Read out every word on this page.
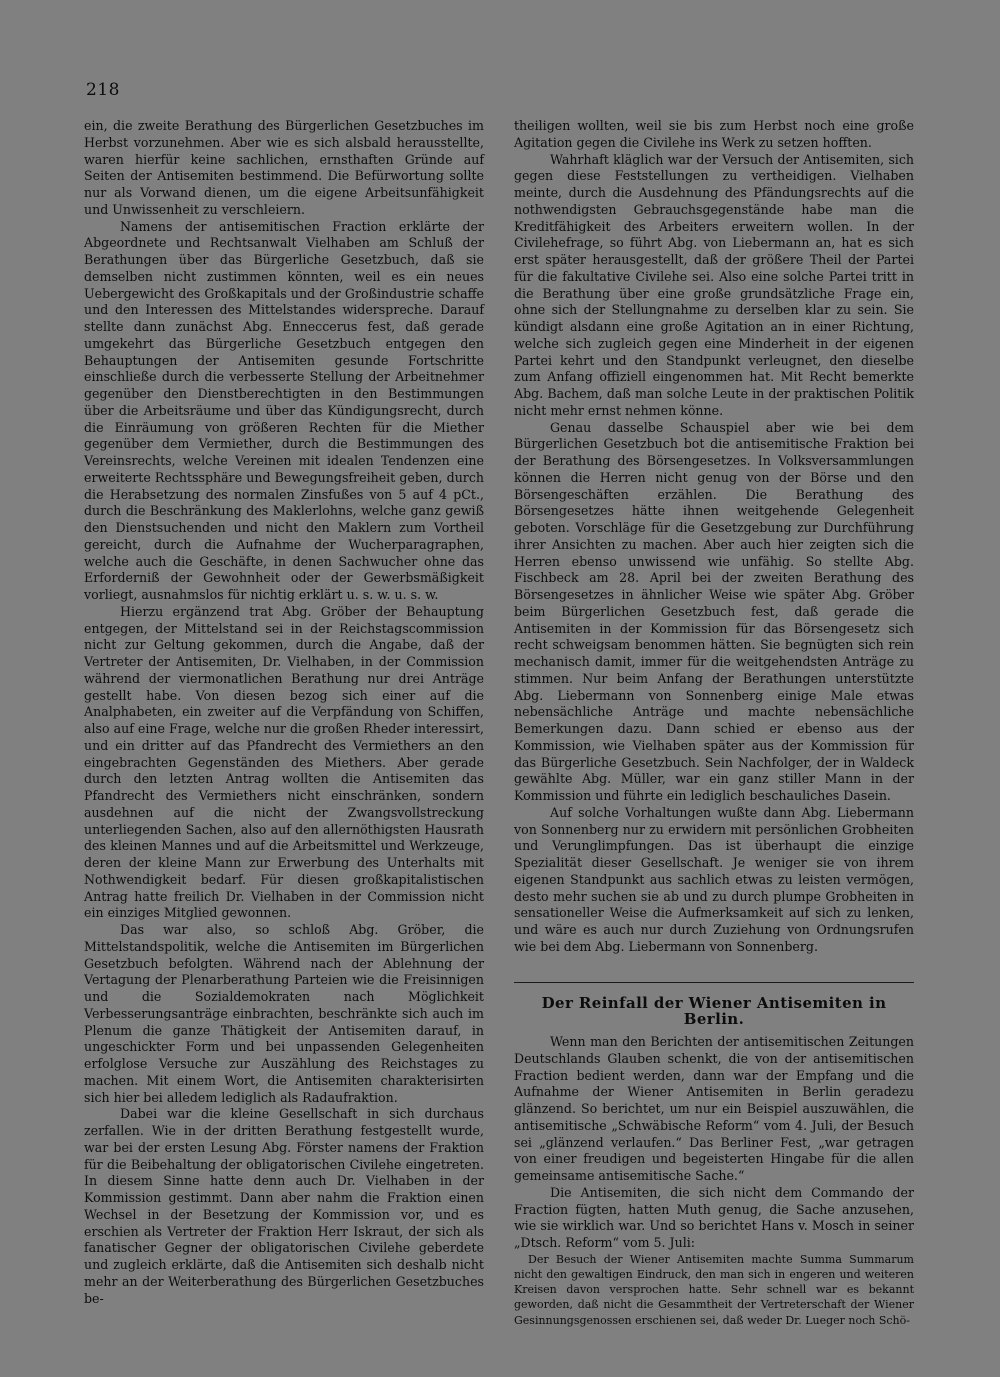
218

ein, die zweite Berathung des Bürgerlichen Gesetzbuches im Herbst vorzunehmen. Aber wie es sich alsbald herausstellte, waren hierfür keine sachlichen, ernsthaften Gründe auf Seiten der Antisemiten bestimmend. Die Befürwortung sollte nur als Vorwand dienen, um die eigene Arbeitsunfähigkeit und Unwissenheit zu verschleiern.

Namens der antisemitischen Fraction erklärte der Abgeordnete und Rechtsanwalt Vielhaben am Schluß der Berathungen über das Bürgerliche Gesetzbuch, daß sie demselben nicht zustimmen könnten, weil es ein neues Uebergewicht des Großkapitals und der Großindustrie schaffe und den Interessen des Mittelstandes widerspreche. Darauf stellte dann zunächst Abg. Enneccerus fest, daß gerade umgekehrt das Bürgerliche Gesetzbuch entgegen den Behauptungen der Antisemiten gesunde Fortschritte einschließe durch die verbesserte Stellung der Arbeitnehmer gegenüber den Dienstberechtigten in den Bestimmungen über die Arbeitsräume und über das Kündigungsrecht, durch die Einräumung von größeren Rechten für die Miether gegenüber dem Vermiether, durch die Bestimmungen des Vereinsrechts, welche Vereinen mit idealen Tendenzen eine erweiterte Rechtssphäre und Bewegungsfreiheit geben, durch die Herabsetzung des normalen Zinsfußes von 5 auf 4 pCt., durch die Beschränkung des Maklerlohns, welche ganz gewiß den Dienstsuchenden und nicht den Maklern zum Vortheil gereicht, durch die Aufnahme der Wucherparagraphen, welche auch die Geschäfte, in denen Sachwucher ohne das Erforderniß der Gewohnheit oder der Gewerbsmäßigkeit vorliegt, ausnahmslos für nichtig erklärt u. s. w. u. s. w.

Hierzu ergänzend trat Abg. Gröber der Behauptung entgegen, der Mittelstand sei in der Reichstagscommission nicht zur Geltung gekommen, durch die Angabe, daß der Vertreter der Antisemiten, Dr. Vielhaben, in der Commission während der viermonatlichen Berathung nur drei Anträge gestellt habe. Von diesen bezog sich einer auf die Analphabeten, ein zweiter auf die Verpfändung von Schiffen, also auf eine Frage, welche nur die großen Rheder interessirt, und ein dritter auf das Pfandrecht des Vermiethers an den eingebrachten Gegenständen des Miethers. Aber gerade durch den letzten Antrag wollten die Antisemiten das Pfandrecht des Vermiethers nicht einschränken, sondern ausdehnen auf die nicht der Zwangsvollstreckung unterliegenden Sachen, also auf den allernöthigsten Hausrath des kleinen Mannes und auf die Arbeitsmittel und Werkzeuge, deren der kleine Mann zur Erwerbung des Unterhalts mit Nothwendigkeit bedarf. Für diesen großkapitalistischen Antrag hatte freilich Dr. Vielhaben in der Commission nicht ein einziges Mitglied gewonnen.

Das war also, so schloß Abg. Gröber, die Mittelstandspolitik, welche die Antisemiten im Bürgerlichen Gesetzbuch befolgten. Während nach der Ablehnung der Vertagung der Plenarberathung Parteien wie die Freisinnigen und die Sozialdemokraten nach Möglichkeit Verbesserungsanträge einbrachten, beschränkte sich auch im Plenum die ganze Thätigkeit der Antisemiten darauf, in ungeschickter Form und bei unpassenden Gelegenheiten erfolglose Versuche zur Auszählung des Reichstages zu machen. Mit einem Wort, die Antisemiten charakterisirten sich hier bei alledem lediglich als Radaufraktion.

Dabei war die kleine Gesellschaft in sich durchaus zerfallen. Wie in der dritten Berathung festgestellt wurde, war bei der ersten Lesung Abg. Förster namens der Fraktion für die Beibehaltung der obligatorischen Civilehe eingetreten. In diesem Sinne hatte denn auch Dr. Vielhaben in der Kommission gestimmt. Dann aber nahm die Fraktion einen Wechsel in der Besetzung der Kommission vor, und es erschien als Vertreter der Fraktion Herr Iskraut, der sich als fanatischer Gegner der obligatorischen Civilehe geberdete und zugleich erklärte, daß die Antisemiten sich deshalb nicht mehr an der Weiterberathung des Bürgerlichen Gesetzbuches be-

theiligen wollten, weil sie bis zum Herbst noch eine große Agitation gegen die Civilehe ins Werk zu setzen hofften.

Wahrhaft kläglich war der Versuch der Antisemiten, sich gegen diese Feststellungen zu vertheidigen. Vielhaben meinte, durch die Ausdehnung des Pfändungsrechts auf die nothwendigsten Gebrauchsgegenstände habe man die Kreditfähigkeit des Arbeiters erweitern wollen. In der Civilehefrage, so führt Abg. von Liebermann an, hat es sich erst später herausgestellt, daß der größere Theil der Partei für die fakultative Civilehe sei. Also eine solche Partei tritt in die Berathung über eine große grundsätzliche Frage ein, ohne sich der Stellungnahme zu derselben klar zu sein. Sie kündigt alsdann eine große Agitation an in einer Richtung, welche sich zugleich gegen eine Minderheit in der eigenen Partei kehrt und den Standpunkt verleugnet, den dieselbe zum Anfang offiziell eingenommen hat. Mit Recht bemerkte Abg. Bachem, daß man solche Leute in der praktischen Politik nicht mehr ernst nehmen könne.

Genau dasselbe Schauspiel aber wie bei dem Bürgerlichen Gesetzbuch bot die antisemitische Fraktion bei der Berathung des Börsengesetzes. In Volksversammlungen können die Herren nicht genug von der Börse und den Börsengeschäften erzählen. Die Berathung des Börsengesetzes hätte ihnen weitgehende Gelegenheit geboten. Vorschläge für die Gesetzgebung zur Durchführung ihrer Ansichten zu machen. Aber auch hier zeigten sich die Herren ebenso unwissend wie unfähig. So stellte Abg. Fischbeck am 28. April bei der zweiten Berathung des Börsengesetzes in ähnlicher Weise wie später Abg. Gröber beim Bürgerlichen Gesetzbuch fest, daß gerade die Antisemiten in der Kommission für das Börsengesetz sich recht schweigsam benommen hätten. Sie begnügten sich rein mechanisch damit, immer für die weitgehendsten Anträge zu stimmen. Nur beim Anfang der Berathungen unterstützte Abg. Liebermann von Sonnenberg einige Male etwas nebensächliche Anträge und machte nebensächliche Bemerkungen dazu. Dann schied er ebenso aus der Kommission, wie Vielhaben später aus der Kommission für das Bürgerliche Gesetzbuch. Sein Nachfolger, der in Waldeck gewählte Abg. Müller, war ein ganz stiller Mann in der Kommission und führte ein lediglich beschauliches Dasein.

Auf solche Vorhaltungen wußte dann Abg. Liebermann von Sonnenberg nur zu erwidern mit persönlichen Grobheiten und Verunglimpfungen. Das ist überhaupt die einzige Spezialität dieser Gesellschaft. Je weniger sie von ihrem eigenen Standpunkt aus sachlich etwas zu leisten vermögen, desto mehr suchen sie ab und zu durch plumpe Grobheiten in sensationeller Weise die Aufmerksamkeit auf sich zu lenken, und wäre es auch nur durch Zuziehung von Ordnungsrufen wie bei dem Abg. Liebermann von Sonnenberg.

Der Reinfall der Wiener Antisemiten in Berlin.

Wenn man den Berichten der antisemitischen Zeitungen Deutschlands Glauben schenkt, die von der antisemitischen Fraction bedient werden, dann war der Empfang und die Aufnahme der Wiener Antisemiten in Berlin geradezu glänzend. So berichtet, um nur ein Beispiel auszuwählen, die antisemitische „Schwäbische Reform“ vom 4. Juli, der Besuch sei „glänzend verlaufen.“ Das Berliner Fest, „war getragen von einer freudigen und begeisterten Hingabe für die allen gemeinsame antisemitische Sache.“

Die Antisemiten, die sich nicht dem Commando der Fraction fügten, hatten Muth genug, die Sache anzusehen, wie sie wirklich war. Und so berichtet Hans v. Mosch in seiner „Dtsch. Reform“ vom 5. Juli:

Der Besuch der Wiener Antisemiten machte Summa Summarum nicht den gewaltigen Eindruck, den man sich in engeren und weiteren Kreisen davon versprochen hatte. Sehr schnell war es bekannt geworden, daß nicht die Gesammtheit der Vertreterschaft der Wiener Gesinnungsgenossen erschienen sei, daß weder Dr. Lueger noch Schö-
